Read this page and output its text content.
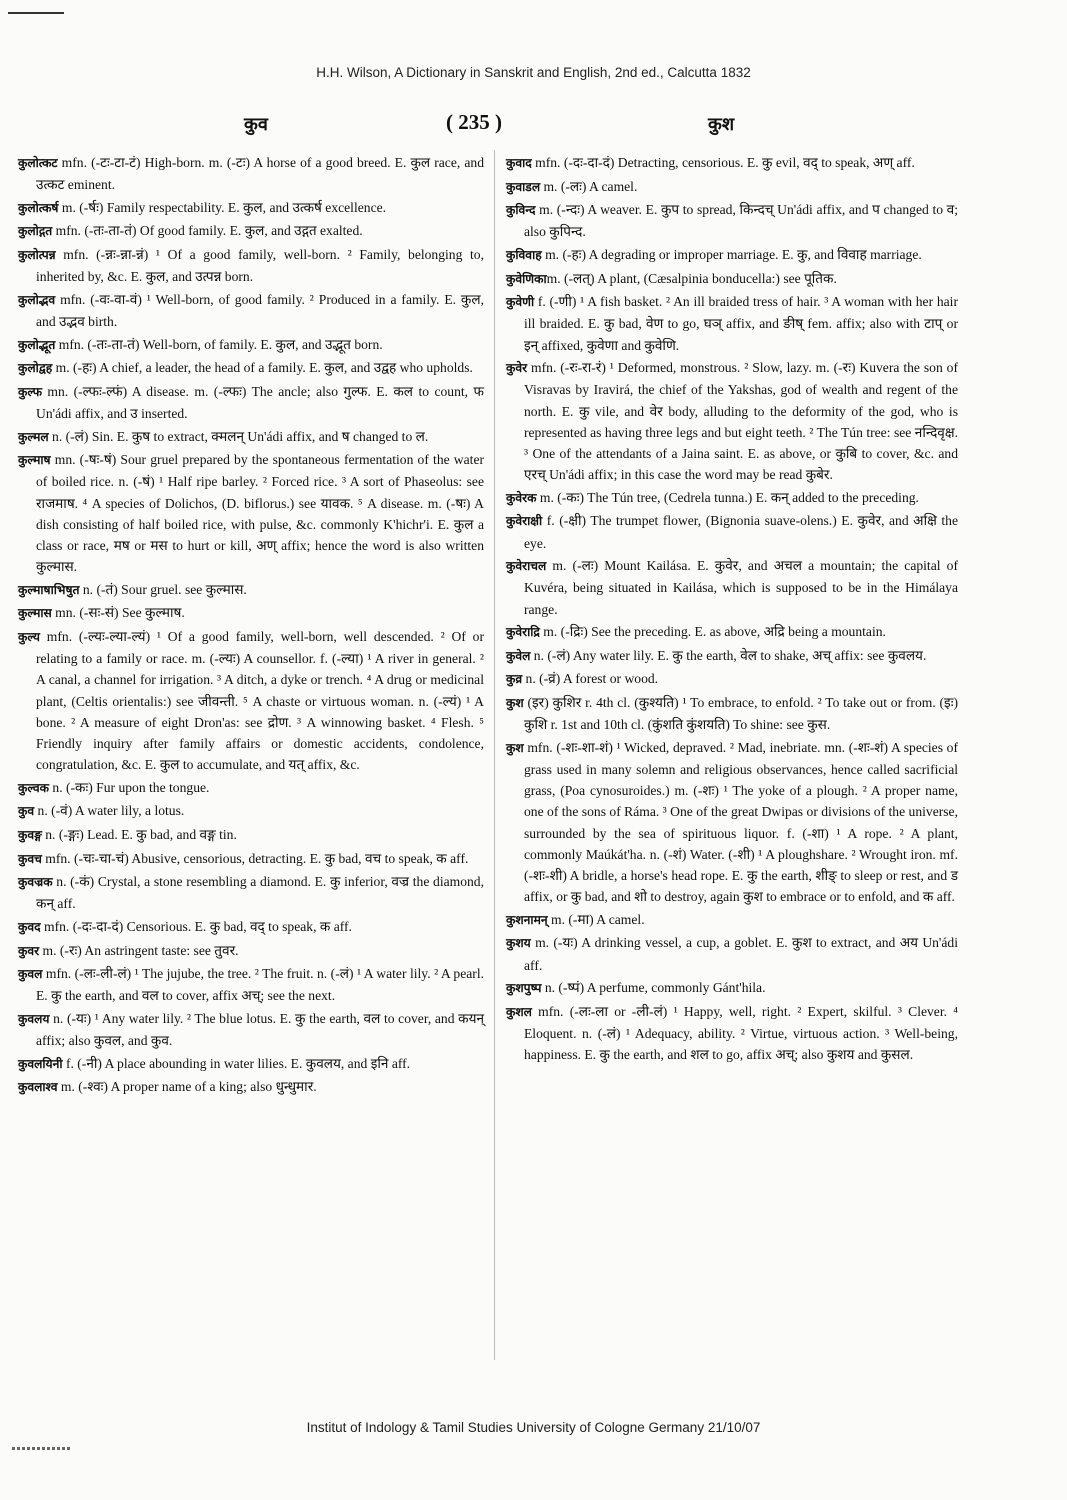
H.H. Wilson, A Dictionary in Sanskrit and English, 2nd ed., Calcutta 1832
कुव	( 235 )	कुश

कुलोत्कट mfn. (-टः-टा-टं) High-born. m. (-टः) A horse of a good breed. E. कुल race, and उत्कट eminent.

कुलोत्कर्ष m. (-र्षः) Family respectability. E. कुल, and उत्कर्ष excellence.

कुलोद्गत mfn. (-तः-ता-तं) Of good family. E. कुल, and उद्गत exalted.

कुलोत्पन्न mfn. (-न्नः-न्ना-न्नं) ¹ Of a good family, well-born. ² Family, belonging to, inherited by, &c. E. कुल, and उत्पन्न born.

कुलोद्भव mfn. (-वः-वा-वं) ¹ Well-born, of good family. ² Produced in a family. E. कुल, and उद्भव birth.

कुलोद्भूत mfn. (-तः-ता-तं) Well-born, of family. E. कुल, and उद्भूत born.

कुलोद्वह m. (-हः) A chief, a leader, the head of a family. E. कुल, and उद्वह who upholds.

कुल्फ mn. (-ल्फः-ल्फं) A disease. m. (-ल्फः) The ancle; also गुल्फ. E. कल to count, फ Un'ádi affix, and उ inserted.

कुल्मल n. (-लं) Sin. E. कुष to extract, क्मलन् Un'ádi affix, and ष changed to ल.

कुल्माष mn. (-षः-षं) Sour gruel prepared by the spontaneous fermentation of the water of boiled rice. n. (-षं) ¹ Half ripe barley. ² Forced rice. ³ A sort of Phaseolus: see राजमाष. ⁴ A species of Dolichos, (D. biflorus.) see यावक. ⁵ A disease. m. (-षः) A dish consisting of half boiled rice, with pulse, &c. commonly K'hichr'i. E. कुल a class or race, मष or मस to hurt or kill, अण् affix; hence the word is also written कुल्मास.

कुल्माषाभिषुत n. (-तं) Sour gruel. see कुल्मास.

कुल्मास mn. (-सः-सं) See कुल्माष.

कुल्य mfn. (-ल्यः-ल्या-ल्यं) ¹ Of a good family, well-born, well descended. ² Of or relating to a family or race. m. (-ल्यः) A counsellor. f. (-ल्या) ¹ A river in general. ² A canal, a channel for irrigation. ³ A ditch, a dyke or trench. ⁴ A drug or medicinal plant, (Celtis orientalis:) see जीवन्ती. ⁵ A chaste or virtuous woman. n. (-ल्यं) ¹ A bone. ² A measure of eight Dron'as: see द्रोण. ³ A winnowing basket. ⁴ Flesh. ⁵ Friendly inquiry after family affairs or domestic accidents, condolence, congratulation, &c. E. कुल to accumulate, and यत् affix, &c.

कुल्वक n. (-कः) Fur upon the tongue.

कुव n. (-वं) A water lily, a lotus.

कुवङ्ग n. (-ङ्गः) Lead. E. कु bad, and वङ्ग tin.

कुवच mfn. (-चः-चा-चं) Abusive, censorious, detracting. E. कु bad, वच to speak, क aff.

कुवज्रक n. (-कं) Crystal, a stone resembling a diamond. E. कु inferior, वज्र the diamond, कन् aff.

कुवद mfn. (-दः-दा-दं) Censorious. E. कु bad, वद् to speak, क aff.

कुवर m. (-रः) An astringent taste: see तुवर.

कुवल mfn. (-लः-ली-लं) ¹ The jujube, the tree. ² The fruit. n. (-लं) ¹ A water lily. ² A pearl. E. कु the earth, and वल to cover, affix अच्; see the next.

कुवलय n. (-यः) ¹ Any water lily. ² The blue lotus. E. कु the earth, वल to cover, and कयन् affix; also कुवल, and कुव.

कुवलयिनी f. (-नी) A place abounding in water lilies. E. कुवलय, and इनि aff.

कुवलाश्व m. (-श्वः) A proper name of a king; also धुन्धुमार.

कुवाद mfn. (-दः-दा-दं) Detracting, censorious. E. कु evil, वद् to speak, अण् aff.

कुवाडल m. (-लः) A camel.

कुविन्द m. (-न्दः) A weaver. E. कुप to spread, किन्दच् Un'ádi affix, and प changed to व; also कुपिन्द.

कुविवाह m. (-हः) A degrading or improper marriage. E. कु, and विवाह marriage.

कुवेणिकाm. (-लत्) A plant, (Cæsalpinia bonducella:) see पूतिक.

कुवेणी f. (-णी) ¹ A fish basket. ² An ill braided tress of hair. ³ A woman with her hair ill braided. E. कु bad, वेण to go, घञ् affix, and ङीष् fem. affix; also with टाप् or इन् affixed, कुवेणा and कुवेणि.

कुवेर mfn. (-रः-रा-रं) ¹ Deformed, monstrous. ² Slow, lazy. m. (-रः) Kuvera the son of Visravas by Iravirá, the chief of the Yakshas, god of wealth and regent of the north. E. कु vile, and वेर body, alluding to the deformity of the god, who is represented as having three legs and but eight teeth. ² The Tún tree: see नन्दिवृक्ष. ³ One of the attendants of a Jaina saint. E. as above, or कुबि to cover, &c. and एरच् Un'ádi affix; in this case the word may be read कुबेर.

कुवेरक m. (-कः) The Tún tree, (Cedrela tunna.) E. कन् added to the preceding.

कुवेराक्षी f. (-क्षी) The trumpet flower, (Bignonia suave-olens.) E. कुवेर, and अक्षि the eye.

कुवेराचल m. (-लः) Mount Kailása. E. कुवेर, and अचल a mountain; the capital of Kuvéra, being situated in Kailása, which is supposed to be in the Himálaya range.

कुवेराद्रि m. (-द्रिः) See the preceding. E. as above, अद्रि being a mountain.

कुवेल n. (-लं) Any water lily. E. कु the earth, वेल to shake, अच् affix: see कुवलय.

कुव्र n. (-व्रं) A forest or wood.

कुश (इर) कुशिर r. 4th cl. (कुश्यति) ¹ To embrace, to enfold. ² To take out or from. (इः) कुशि r. 1st and 10th cl. (कुंशति कुंशयति) To shine: see कुस.

कुश mfn. (-शः-शा-शं) ¹ Wicked, depraved. ² Mad, inebriate. mn. (-शः-शं) A species of grass used in many solemn and religious observances, hence called sacrificial grass, (Poa cynosuroides.) m. (-शः) ¹ The yoke of a plough. ² A proper name, one of the sons of Ráma. ³ One of the great Dwipas or divisions of the universe, surrounded by the sea of spirituous liquor. f. (-शा) ¹ A rope. ² A plant, commonly Maúkát'ha. n. (-शं) Water. (-शी) ¹ A ploughshare. ² Wrought iron. mf. (-शः-शी) A bridle, a horse's head rope. E. कु the earth, शीङ् to sleep or rest, and ड affix, or कु bad, and शो to destroy, again कुश to embrace or to enfold, and क aff.

कुशनामन् m. (-मा) A camel.

कुशय m. (-यः) A drinking vessel, a cup, a goblet. E. कुश to extract, and अय Un'ádi aff.

कुशपुष्प n. (-ष्पं) A perfume, commonly Gánt'hila.

कुशल mfn. (-लः-ला or -ली-लं) ¹ Happy, well, right. ² Expert, skilful. ³ Clever. ⁴ Eloquent. n. (-लं) ¹ Adequacy, ability. ² Virtue, virtuous action. ³ Well-being, happiness. E. कु the earth, and शल to go, affix अच्; also कुशय and कुसल.

Institut of Indology & Tamil Studies University of Cologne Germany 21/10/07
